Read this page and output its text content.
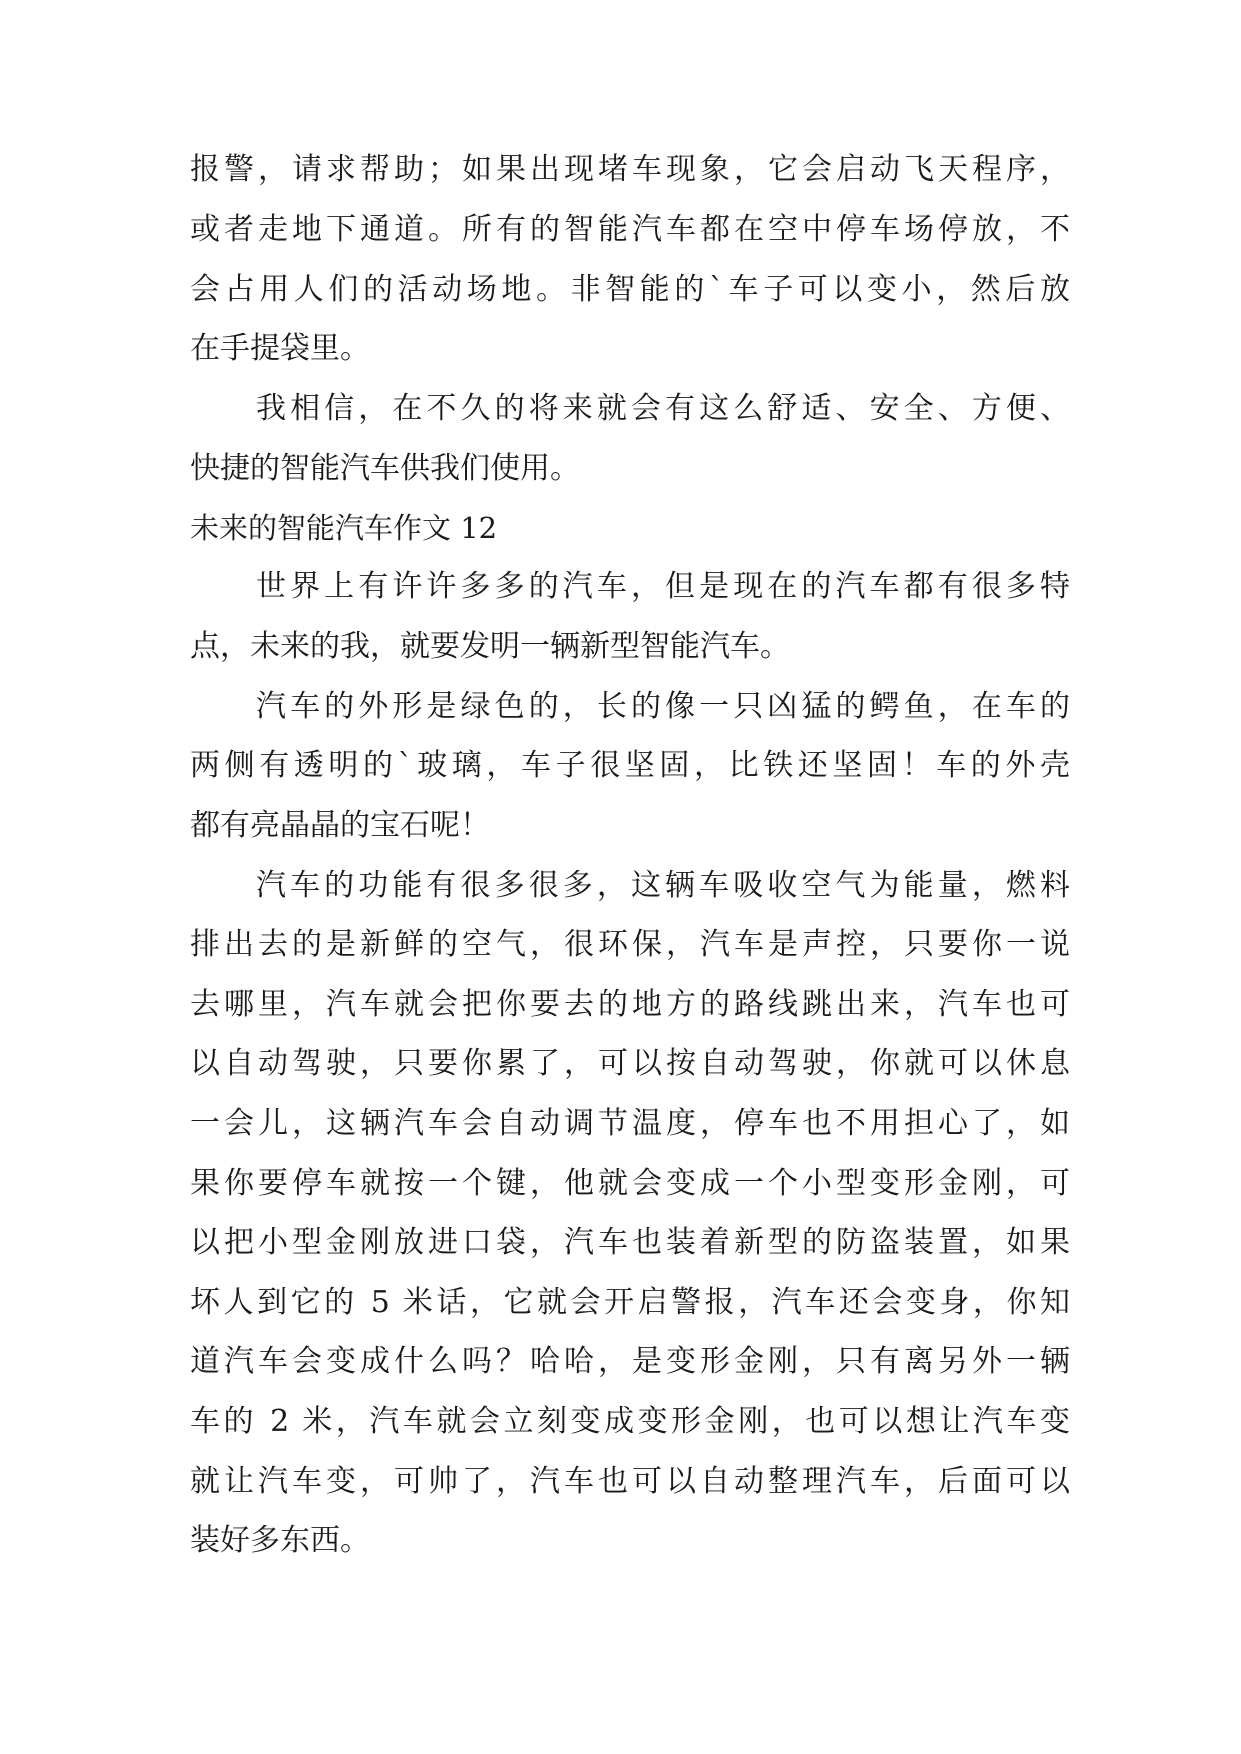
报警，请求帮助；如果出现堵车现象，它会启动飞天程序，
或者走地下通道。所有的智能汽车都在空中停车场停放，不
会占用人们的活动场地。非智能的`车子可以变小，然后放
在手提袋里。
我相信，在不久的将来就会有这么舒适、安全、方便、
快捷的智能汽车供我们使用。
未来的智能汽车作文 12
世界上有许许多多的汽车，但是现在的汽车都有很多特
点，未来的我，就要发明一辆新型智能汽车。
汽车的外形是绿色的，长的像一只凶猛的鳄鱼，在车的
两侧有透明的`玻璃，车子很坚固，比铁还坚固！车的外壳
都有亮晶晶的宝石呢！
汽车的功能有很多很多，这辆车吸收空气为能量，燃料
排出去的是新鲜的空气，很环保，汽车是声控，只要你一说
去哪里，汽车就会把你要去的地方的路线跳出来，汽车也可
以自动驾驶，只要你累了，可以按自动驾驶，你就可以休息
一会儿，这辆汽车会自动调节温度，停车也不用担心了，如
果你要停车就按一个键，他就会变成一个小型变形金刚，可
以把小型金刚放进口袋，汽车也装着新型的防盗装置，如果
坏人到它的 5 米话，它就会开启警报，汽车还会变身，你知
道汽车会变成什么吗？哈哈，是变形金刚，只有离另外一辆
车的 2 米，汽车就会立刻变成变形金刚，也可以想让汽车变
就让汽车变，可帅了，汽车也可以自动整理汽车，后面可以
装好多东西。
